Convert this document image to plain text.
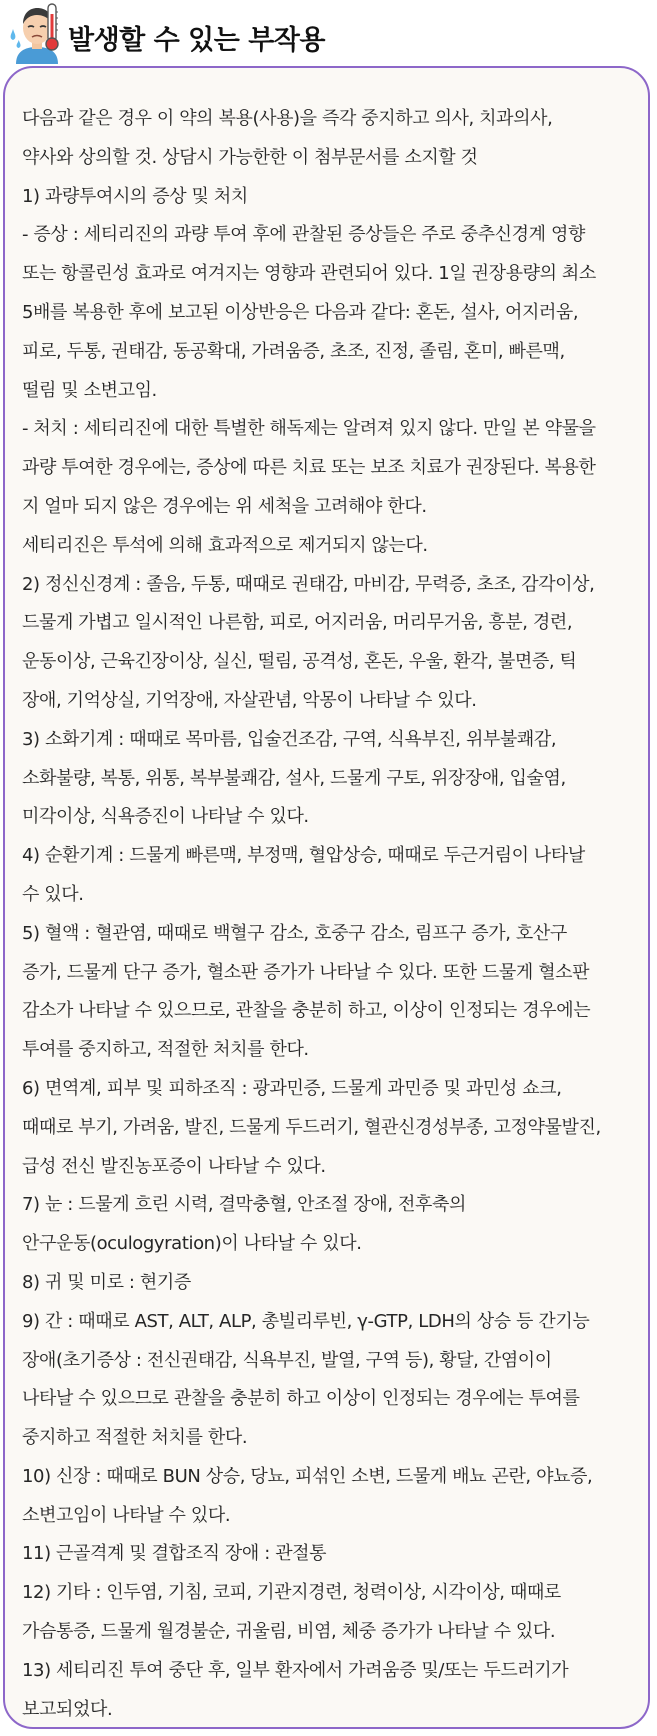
발생할 수 있는 부작용
다음과 같은 경우 이 약의 복용(사용)을 즉각 중지하고 의사, 치과의사,
약사와 상의할 것. 상담시 가능한한 이 첨부문서를 소지할 것
1) 과량투여시의 증상 및 처치
- 증상 : 세티리진의 과량 투여 후에 관찰된 증상들은 주로 중추신경계 영향
또는 항콜린성 효과로 여겨지는 영향과 관련되어 있다. 1일 권장용량의 최소
5배를 복용한 후에 보고된 이상반응은 다음과 같다: 혼돈, 설사, 어지러움,
피로, 두통, 권태감, 동공확대, 가려움증, 초조, 진정, 졸림, 혼미, 빠른맥,
떨림 및 소변고임.
- 처치 : 세티리진에 대한 특별한 해독제는 알려져 있지 않다. 만일 본 약물을
과량 투여한 경우에는, 증상에 따른 치료 또는 보조 치료가 권장된다. 복용한
지 얼마 되지 않은 경우에는 위 세척을 고려해야 한다.
세티리진은 투석에 의해 효과적으로 제거되지 않는다.
2) 정신신경계 : 졸음, 두통, 때때로 권태감, 마비감, 무력증, 초조, 감각이상,
드물게 가볍고 일시적인 나른함, 피로, 어지러움, 머리무거움, 흥분, 경련,
운동이상, 근육긴장이상, 실신, 떨림, 공격성, 혼돈, 우울, 환각, 불면증, 틱
장애, 기억상실, 기억장애, 자살관념, 악몽이 나타날 수 있다.
3) 소화기계 : 때때로 목마름, 입술건조감, 구역, 식욕부진, 위부불쾌감,
소화불량, 복통, 위통, 복부불쾌감, 설사, 드물게 구토, 위장장애, 입술염,
미각이상, 식욕증진이 나타날 수 있다.
4) 순환기계 : 드물게 빠른맥, 부정맥, 혈압상승, 때때로 두근거림이 나타날
수 있다.
5) 혈액 : 혈관염, 때때로 백혈구 감소, 호중구 감소, 림프구 증가, 호산구
증가, 드물게 단구 증가, 혈소판 증가가 나타날 수 있다. 또한 드물게 혈소판
감소가 나타날 수 있으므로, 관찰을 충분히 하고, 이상이 인정되는 경우에는
투여를 중지하고, 적절한 처치를 한다.
6) 면역계, 피부 및 피하조직 : 광과민증, 드물게 과민증 및 과민성 쇼크,
때때로 부기, 가려움, 발진, 드물게 두드러기, 혈관신경성부종, 고정약물발진,
급성 전신 발진농포증이 나타날 수 있다.
7) 눈 : 드물게 흐린 시력, 결막충혈, 안조절 장애, 전후축의
안구운동(oculogyration)이 나타날 수 있다.
8) 귀 및 미로 : 현기증
9) 간 : 때때로 AST, ALT, ALP, 총빌리루빈, γ-GTP, LDH의 상승 등 간기능
장애(초기증상 : 전신권태감, 식욕부진, 발열, 구역 등), 황달, 간염이이
나타날 수 있으므로 관찰을 충분히 하고 이상이 인정되는 경우에는 투여를
중지하고 적절한 처치를 한다.
10) 신장 : 때때로 BUN 상승, 당뇨, 피섞인 소변, 드물게 배뇨 곤란, 야뇨증,
소변고임이 나타날 수 있다.
11) 근골격계 및 결합조직 장애 : 관절통
12) 기타 : 인두염, 기침, 코피, 기관지경련, 청력이상, 시각이상, 때때로
가슴통증, 드물게 월경불순, 귀울림, 비염, 체중 증가가 나타날 수 있다.
13) 세티리진 투여 중단 후, 일부 환자에서 가려움증 및/또는 두드러기가
보고되었다.
